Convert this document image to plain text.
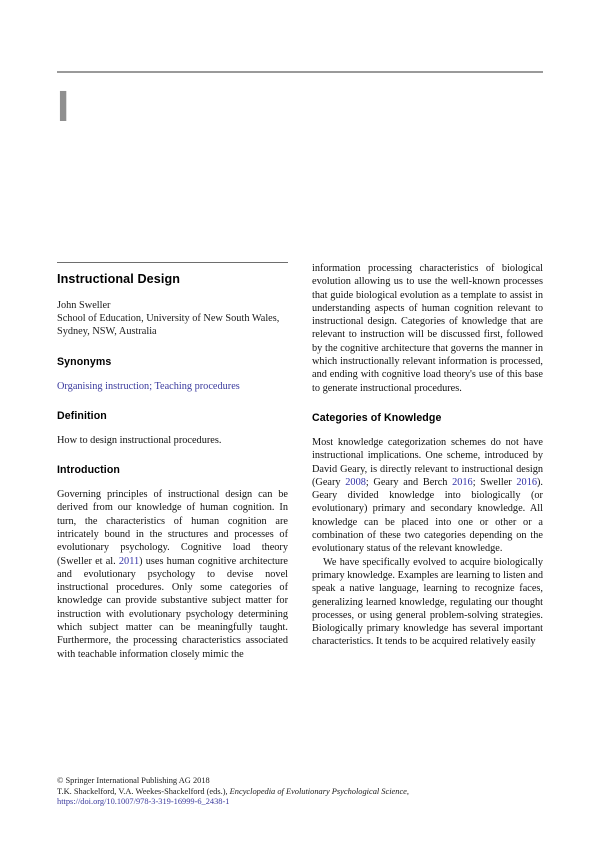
I
Instructional Design
John Sweller
School of Education, University of New South Wales, Sydney, NSW, Australia
Synonyms
Organising instruction; Teaching procedures
Definition

How to design instructional procedures.

Introduction

Governing principles of instructional design can be derived from our knowledge of human cognition. In turn, the characteristics of human cognition are intricately bound in the structures and processes of evolutionary psychology. Cognitive load theory (Sweller et al. 2011) uses human cognitive architecture and evolutionary psychology to devise novel instructional procedures. Only some categories of knowledge can provide substantive subject matter for instruction with evolutionary psychology determining which subject matter can be meaningfully taught. Furthermore, the processing characteristics associated with teachable information closely mimic the

information processing characteristics of biological evolution allowing us to use the well-known processes that guide biological evolution as a template to assist in understanding aspects of human cognition relevant to instructional design. Categories of knowledge that are relevant to instruction will be discussed first, followed by the cognitive architecture that governs the manner in which instructionally relevant information is processed, and ending with cognitive load theory's use of this base to generate instructional procedures.

Categories of Knowledge

Most knowledge categorization schemes do not have instructional implications. One scheme, introduced by David Geary, is directly relevant to instructional design (Geary 2008; Geary and Berch 2016; Sweller 2016). Geary divided knowledge into biologically (or evolutionary) primary and secondary knowledge. All knowledge can be placed into one or other or a combination of these two categories depending on the evolutionary status of the relevant knowledge.

We have specifically evolved to acquire biologically primary knowledge. Examples are learning to listen and speak a native language, learning to recognize faces, generalizing learned knowledge, regulating our thought processes, or using general problem-solving strategies. Biologically primary knowledge has several important characteristics. It tends to be acquired relatively easily

© Springer International Publishing AG 2018
T.K. Shackelford, V.A. Weekes-Shackelford (eds.), Encyclopedia of Evolutionary Psychological Science,
https://doi.org/10.1007/978-3-319-16999-6_2438-1
